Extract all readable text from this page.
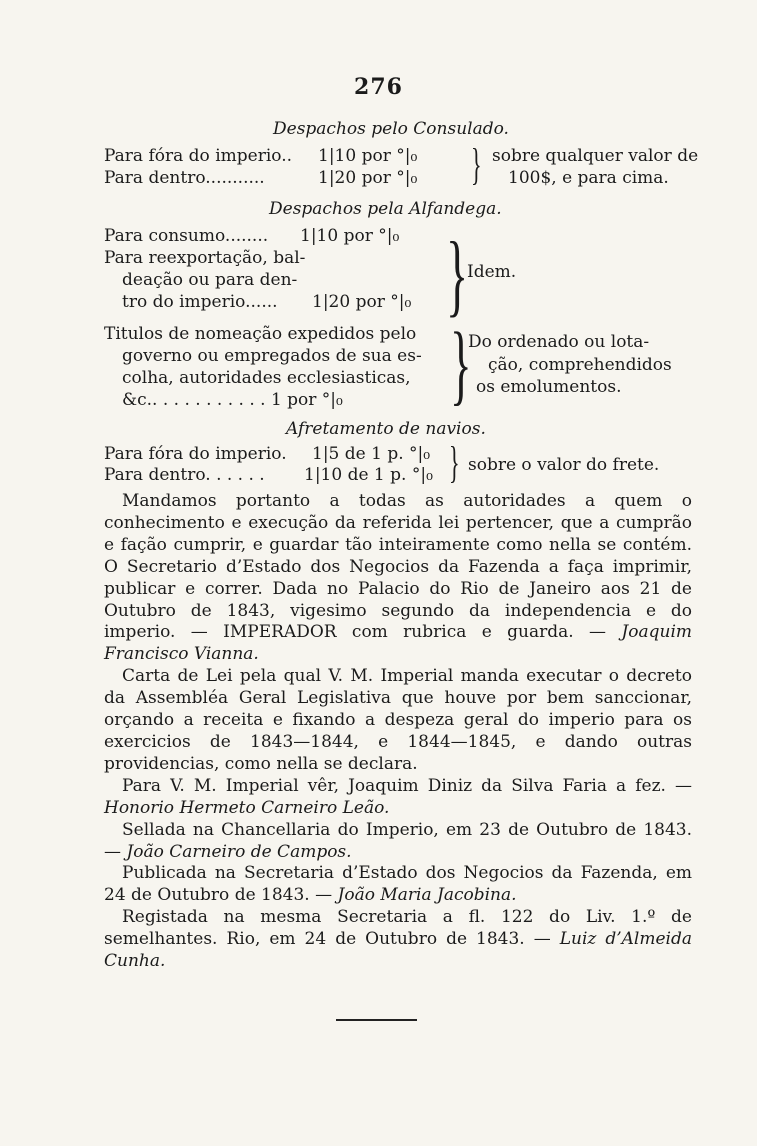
276
Despachos pelo Consulado.
Para fóra do imperio.. 1|10 por °|₀
Para dentro...........	1|20 por °|₀ } sobre qualquer valor de
100$, e para cima.
Despachos pela Alfandega.
Para consumo........ 1|10 por °|₀
Para reexportação, bal-
deação ou para den-
tro do imperio...... 1|20 por °|₀ }
Idem.
Titulos de nomeação expedidos pelo
governo ou empregados de sua es-
colha, autoridades ecclesiasticas,
&c.. . . . . . . . . . . 1 por °|₀ }
Do ordenado ou lota-
ção, comprehendidos
os emolumentos.
Afretamento de navios.
Para fóra do imperio. 1|5 de 1 p. °|₀
Para dentro. . . . . . 1|10 de 1 p. °|₀ } sobre o valor do frete.

Mandamos portanto a todas as autoridades a quem o conhecimento e execução da referida lei pertencer, que a cumprão e fação cumprir, e guardar tão inteiramente como nella se contém. O Secretario d’Estado dos Negocios da Fazenda a faça imprimir, publicar e correr. Dada no Palacio do Rio de Janeiro aos 21 de Outubro de 1843, vigesimo segundo da independencia e do imperio. — IMPERADOR com rubrica e guarda. — Joaquim Francisco Vianna.

Carta de Lei pela qual V. M. Imperial manda executar o decreto da Assembléa Geral Legislativa que houve por bem sanccionar, orçando a receita e fixando a despeza geral do imperio para os exercicios de 1843—1844, e 1844—1845, e dando outras providencias, como nella se declara.

Para V. M. Imperial vêr, Joaquim Diniz da Silva Faria a fez. — Honorio Hermeto Carneiro Leão.

Sellada na Chancellaria do Imperio, em 23 de Outubro de 1843. — João Carneiro de Campos.

Publicada na Secretaria d’Estado dos Negocios da Fazenda, em 24 de Outubro de 1843. — João Maria Jacobina.

Registada na mesma Secretaria a fl. 122 do Liv. 1.º de semelhantes. Rio, em 24 de Outubro de 1843. — Luiz d’Almeida Cunha.
